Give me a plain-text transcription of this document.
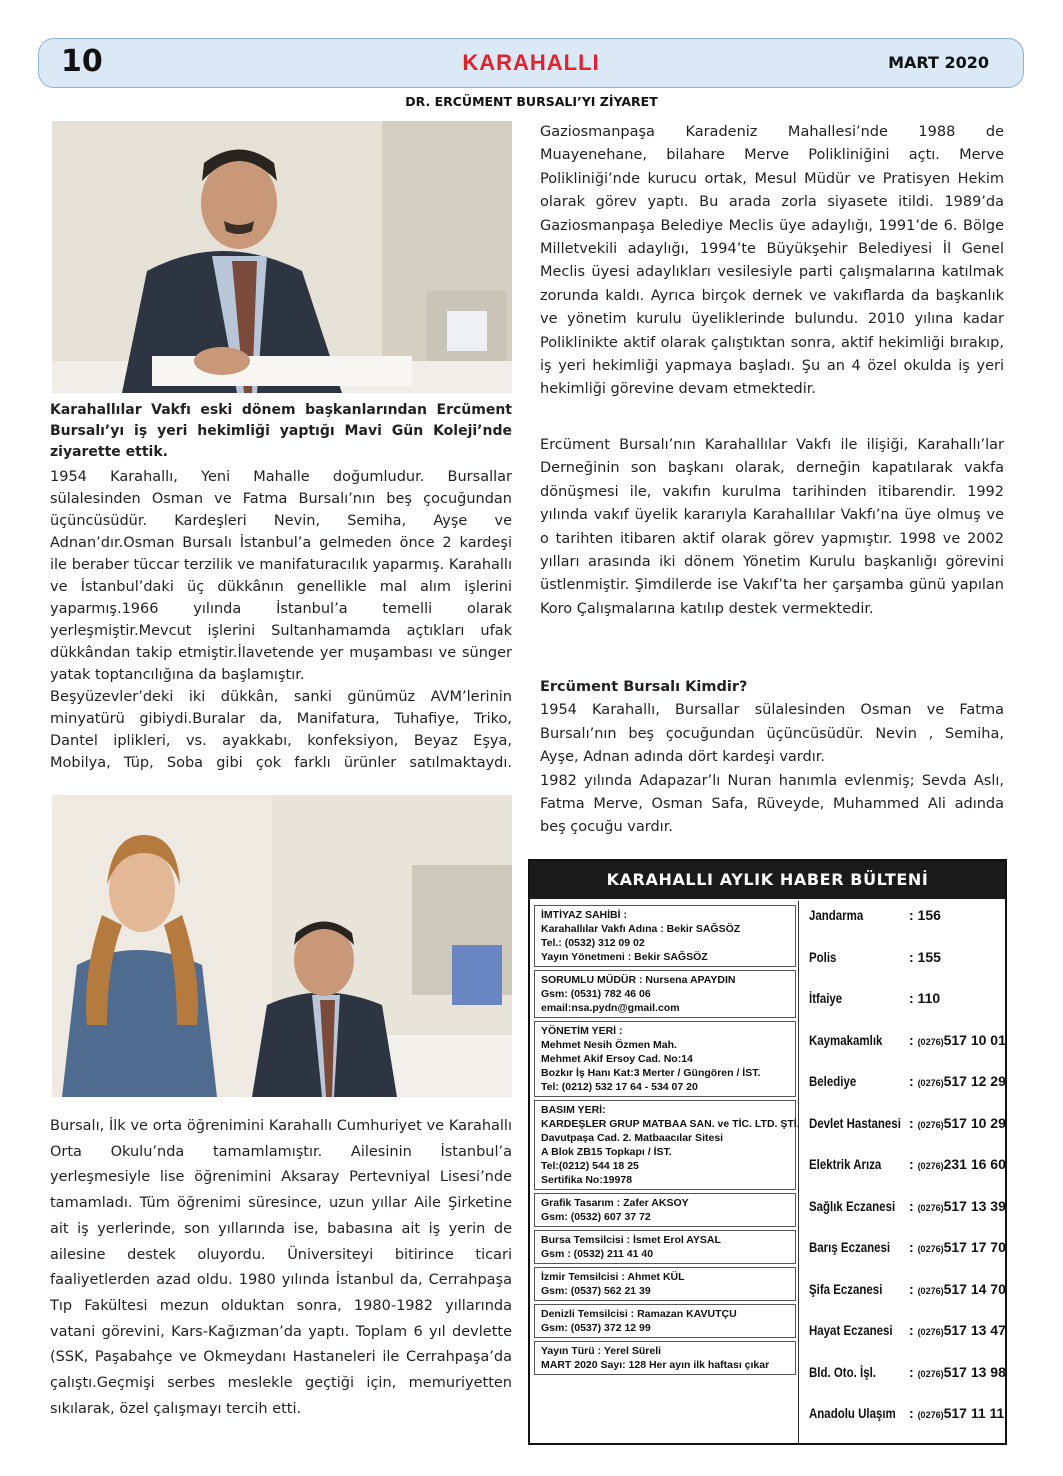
10	KARAHALLI	MART 2020
DR. ERCÜMENT BURSALI’YI ZİYARET
Karahallılar Vakfı eski dönem başkanlarından Ercüment Bursalı’yı iş yeri hekimliği yaptığı Mavi Gün Koleji’nde ziyarette ettik.

1954 Karahallı, Yeni Mahalle doğumludur. Bursallar sülalesinden Osman ve Fatma Bursalı’nın beş çocuğundan üçüncüsüdür. Kardeşleri Nevin, Semiha, Ayşe ve Adnan’dır.Osman Bursalı İstanbul’a gelmeden önce 2 kardeşi ile beraber tüccar terzilik ve manifaturacılık yaparmış. Karahallı ve İstanbul’daki üç dükkânın genellikle mal alım işlerini yaparmış.1966 yılında İstanbul’a temelli olarak yerleşmiştir.Mevcut işlerini Sultanhamamda açtıkları ufak dükkândan takip etmiştir.İlavetende yer muşambası ve sünger yatak toptancılığına da başlamıştır.

Beşyüzevler’deki iki dükkân, sanki günümüz AVM’lerinin minyatürü gibiydi.Buralar da, Manifatura, Tuhafiye, Triko, Dantel iplikleri, vs. ayakkabı, konfeksiyon, Beyaz Eşya, Mobilya, Tüp, Soba gibi çok farklı ürünler satılmaktaydı.

Bursalı, İlk ve orta öğrenimini Karahallı Cumhuriyet ve Karahallı Orta Okulu’nda tamamlamıştır. Ailesinin İstanbul’a yerleşmesiyle lise öğrenimini Aksaray Pertevniyal Lisesi’nde tamamladı. Tüm öğrenimi süresince, uzun yıllar Aile Şirketine ait iş yerlerinde, son yıllarında ise, babasına ait iş yerin de ailesine destek oluyordu. Üniversiteyi bitirince ticari faaliyetlerden azad oldu. 1980 yılında İstanbul da, Cerrahpaşa Tıp Fakültesi mezun olduktan sonra, 1980-1982 yıllarında vatani görevini, Kars-Kağızman’da yaptı. Toplam 6 yıl devlette (SSK, Paşabahçe ve Okmeydanı Hastaneleri ile Cerrahpaşa’da çalıştı.Geçmişi serbes meslekle geçtiği için, memuriyetten sıkılarak, özel çalışmayı tercih etti.

Gaziosmanpaşa Karadeniz Mahallesi’nde 1988 de Muayenehane, bilahare Merve Polikliniğini açtı. Merve Polikliniği’nde kurucu ortak, Mesul Müdür ve Pratisyen Hekim olarak görev yaptı. Bu arada zorla siyasete itildi. 1989’da Gaziosmanpaşa Belediye Meclis üye adaylığı, 1991’de 6. Bölge Milletvekili adaylığı, 1994’te Büyükşehir Belediyesi İl Genel Meclis üyesi adaylıkları vesilesiyle parti çalışmalarına katılmak zorunda kaldı. Ayrıca birçok dernek ve vakıflarda da başkanlık ve yönetim kurulu üyeliklerinde bulundu. 2010 yılına kadar Poliklinikte aktif olarak çalıştıktan sonra, aktif hekimliği bırakıp, iş yeri hekimliği yapmaya başladı. Şu an 4 özel okulda iş yeri hekimliği görevine devam etmektedir.

Ercüment Bursalı’nın Karahallılar Vakfı ile ilişiği, Karahallı’lar Derneğinin son başkanı olarak, derneğin kapatılarak vakfa dönüşmesi ile, vakıfın kurulma tarihinden itibarendir. 1992 yılında vakıf üyelik kararıyla Karahallılar Vakfı’na üye olmuş ve o tarihten itibaren aktif olarak görev yapmıştır. 1998 ve 2002 yılları arasında iki dönem Yönetim Kurulu başkanlığı görevini üstlenmiştir. Şimdilerde ise Vakıf’ta her çarşamba günü yapılan Koro Çalışmalarına katılıp destek vermektedir.

Ercüment Bursalı Kimdir?

1954 Karahallı, Bursallar sülalesinden Osman ve Fatma Bursalı’nın beş çocuğundan üçüncüsüdür. Nevin , Semiha, Ayşe, Adnan adında dört kardeşi vardır.

1982 yılında Adapazar’lı Nuran hanımla evlenmiş; Sevda Aslı, Fatma Merve, Osman Safa, Rüveyde, Muhammed Ali adında beş çocuğu vardır.

KARAHALLI AYLIK HABER BÜLTENİ
İMTİYAZ SAHİBİ :
Karahallılar Vakfı Adına : Bekir SAĞSÖZ
Tel.: (0532) 312 09 02
Yayın Yönetmeni : Bekir SAĞSÖZ
SORUMLU MÜDÜR : Nursena APAYDIN
Gsm: (0531) 782 46 06
email:nsa.pydn@gmail.com
YÖNETİM YERİ :
Mehmet Nesih Özmen Mah.
Mehmet Akif Ersoy Cad. No:14
Bozkır İş Hanı Kat:3 Merter / Güngören / İST.
Tel: (0212) 532 17 64 - 534 07 20
BASIM YERİ:
KARDEŞLER GRUP MATBAA SAN. ve TİC. LTD. ŞTİ.
Davutpaşa Cad. 2. Matbaacılar Sitesi
A Blok ZB15 Topkapı / İST.
Tel:(0212) 544 18 25
Sertifika No:19978
Grafik Tasarım : Zafer AKSOY
Gsm: (0532) 607 37 72
Bursa Temsilcisi : İsmet Erol AYSAL
Gsm : (0532) 211 41 40
İzmir Temsilcisi : Ahmet KÜL
Gsm: (0537) 562 21 39
Denizli Temsilcisi : Ramazan KAVUTÇU
Gsm: (0537) 372 12 99
Yayın Türü : Yerel Süreli
MART 2020 Sayı: 128 Her ayın ilk haftası çıkar
Jandarma	: 156
Polis	: 155
İtfaiye	: 110
Kaymakamlık : (0276)517 10 01
Belediye	: (0276)517 12 29
Devlet Hastanesi : (0276)517 10 29
Elektrik Arıza : (0276)231 16 60
Sağlık Eczanesi : (0276)517 13 39
Barış Eczanesi : (0276)517 17 70
Şifa Eczanesi : (0276)517 14 70
Hayat Eczanesi : (0276)517 13 47
Bld. Oto. İşl. : (0276)517 13 98
Anadolu Ulaşım : (0276)517 11 11
